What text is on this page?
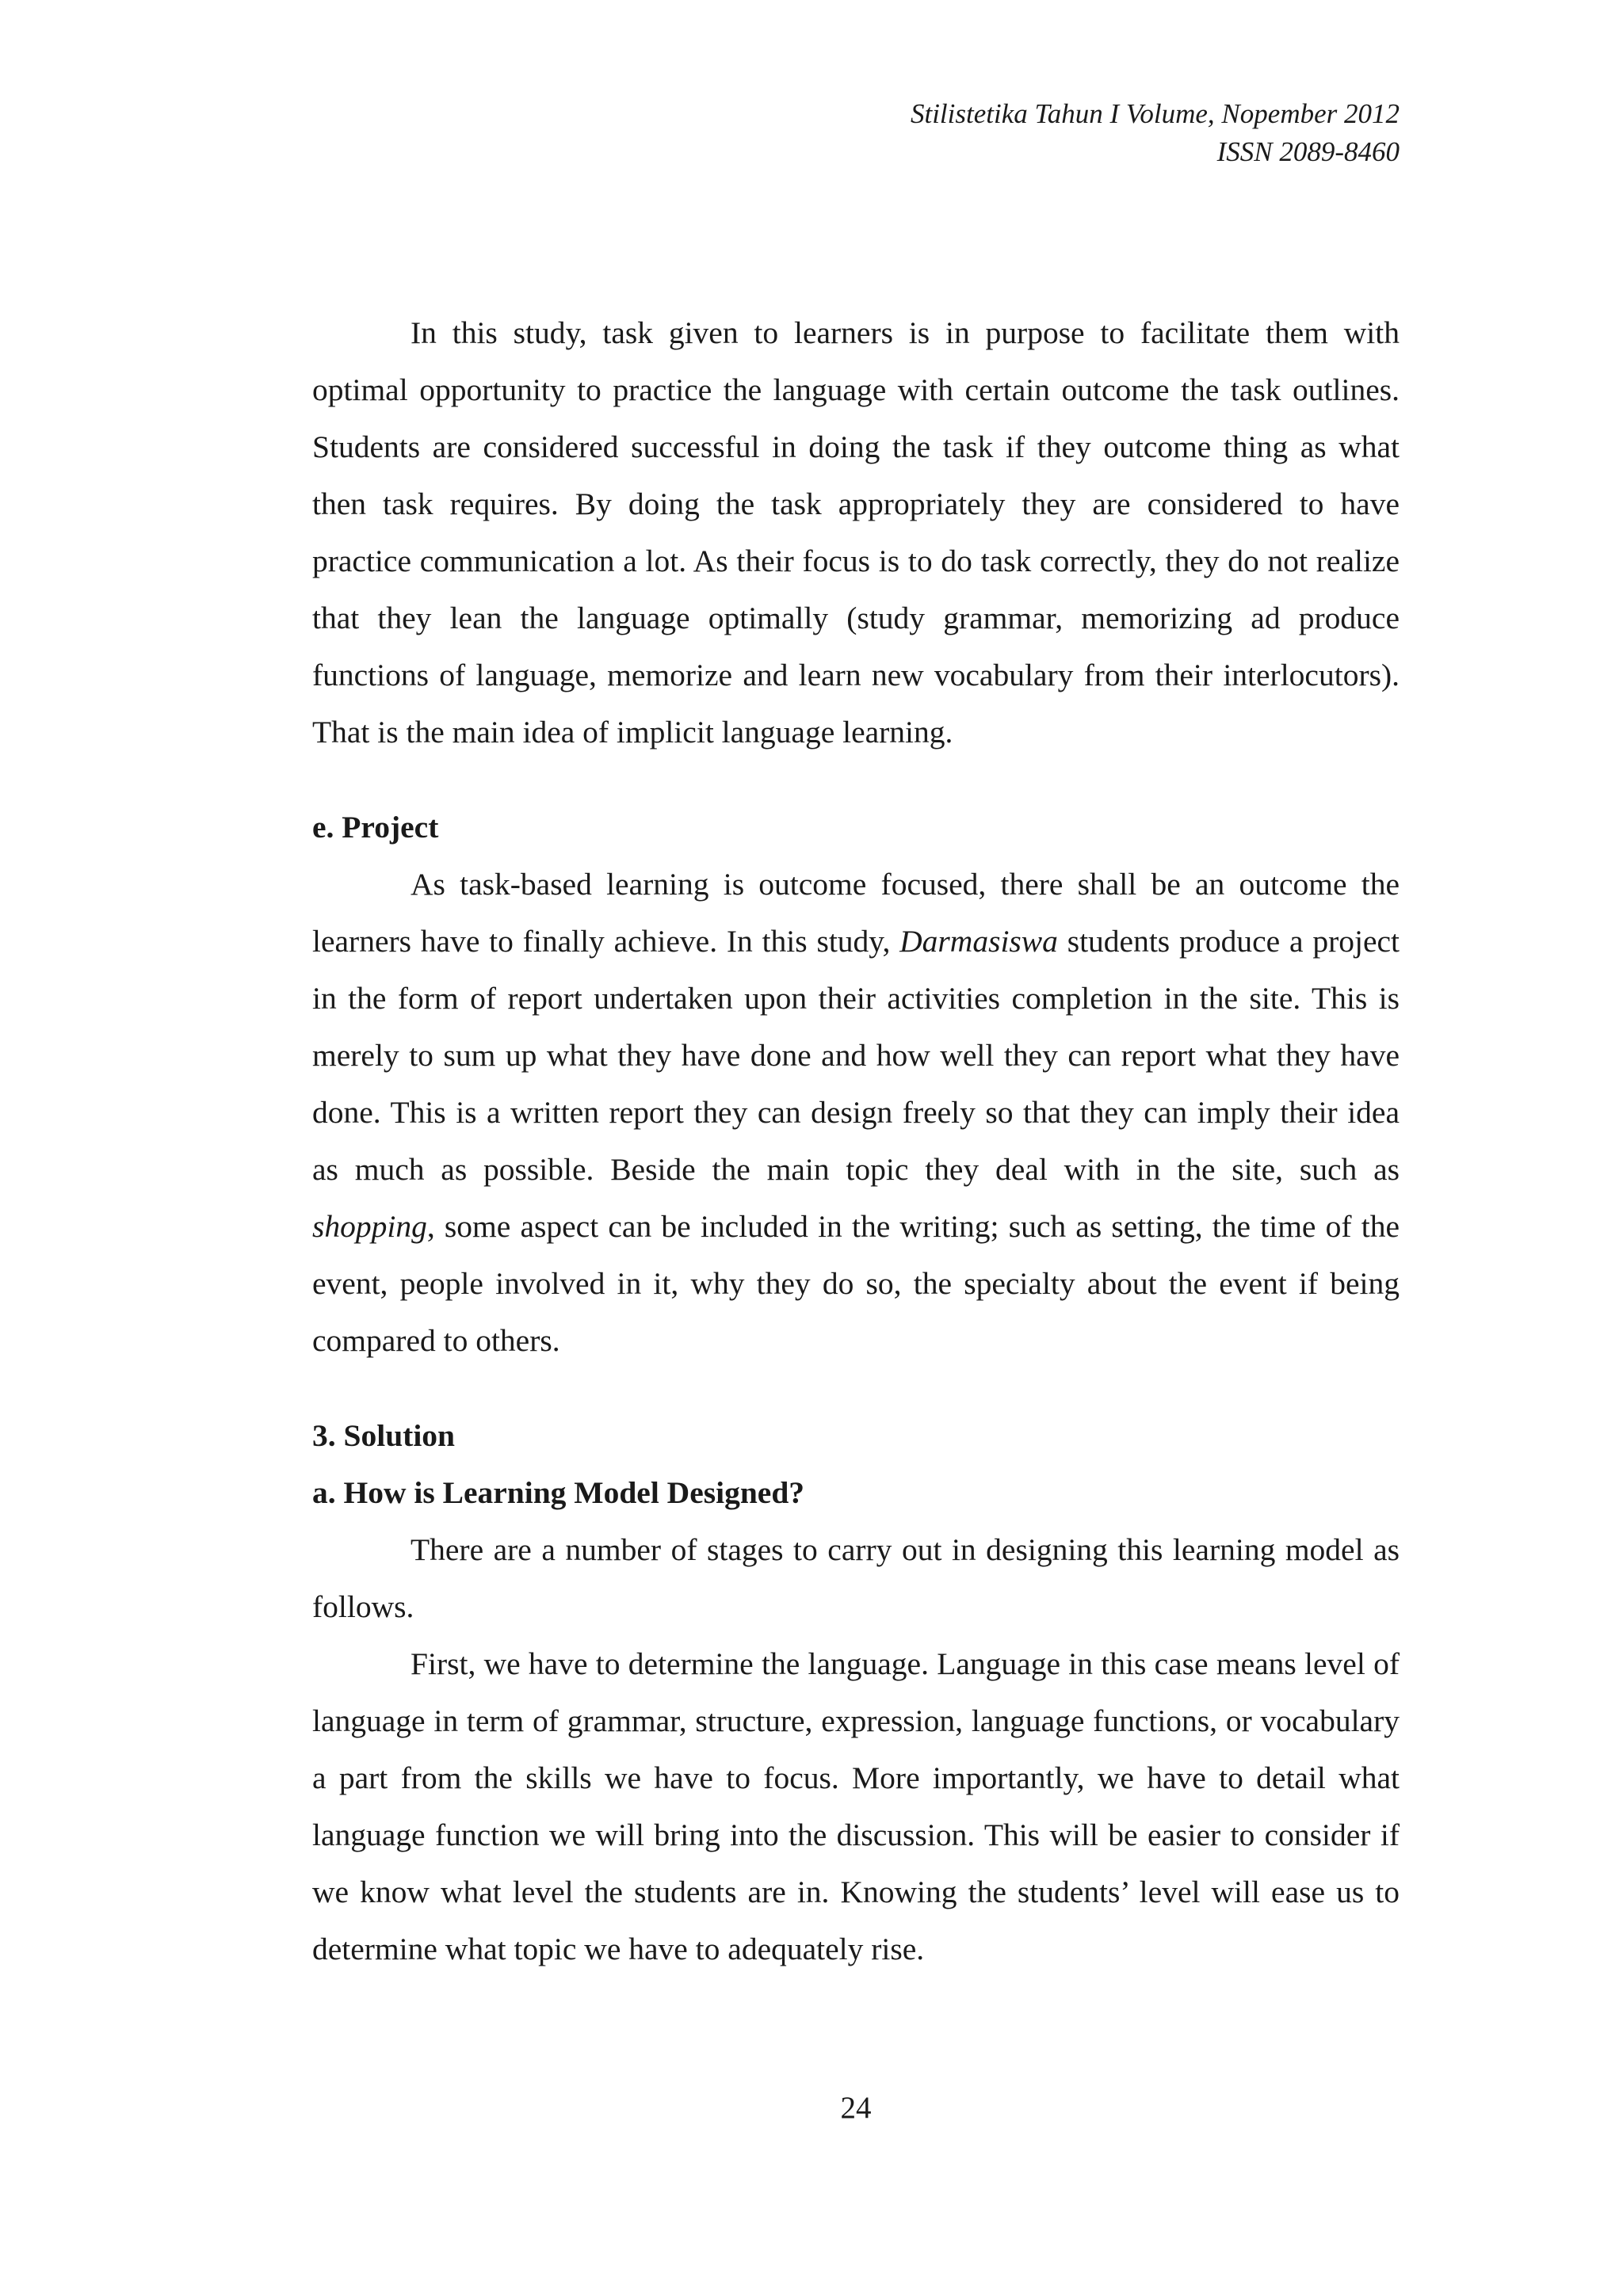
Stilistetika Tahun I Volume, Nopember 2012
ISSN 2089-8460

In this study, task given to learners is in purpose to facilitate them with optimal opportunity to practice the language with certain outcome the task outlines. Students are considered successful in doing the task if they outcome thing as what then task requires. By doing the task appropriately they are considered to have practice communication a lot. As their focus is to do task correctly, they do not realize that they lean the language optimally (study grammar, memorizing ad produce functions of language, memorize and learn new vocabulary from their interlocutors). That is the main idea of implicit language learning.

e. Project

As task-based learning is outcome focused, there shall be an outcome the learners have to finally achieve. In this study, Darmasiswa students produce a project in the form of report undertaken upon their activities completion in the site. This is merely to sum up what they have done and how well they can report what they have done. This is a written report they can design freely so that they can imply their idea as much as possible. Beside the main topic they deal with in the site, such as shopping, some aspect can be included in the writing; such as setting, the time of the event, people involved in it, why they do so, the specialty about the event if being compared to others.

3. Solution

a. How is Learning Model Designed?

There are a number of stages to carry out in designing this learning model as follows.

First, we have to determine the language. Language in this case means level of language in term of grammar, structure, expression, language functions, or vocabulary a part from the skills we have to focus. More importantly, we have to detail what language function we will bring into the discussion. This will be easier to consider if we know what level the students are in. Knowing the students’ level will ease us to determine what topic we have to adequately rise.

24
